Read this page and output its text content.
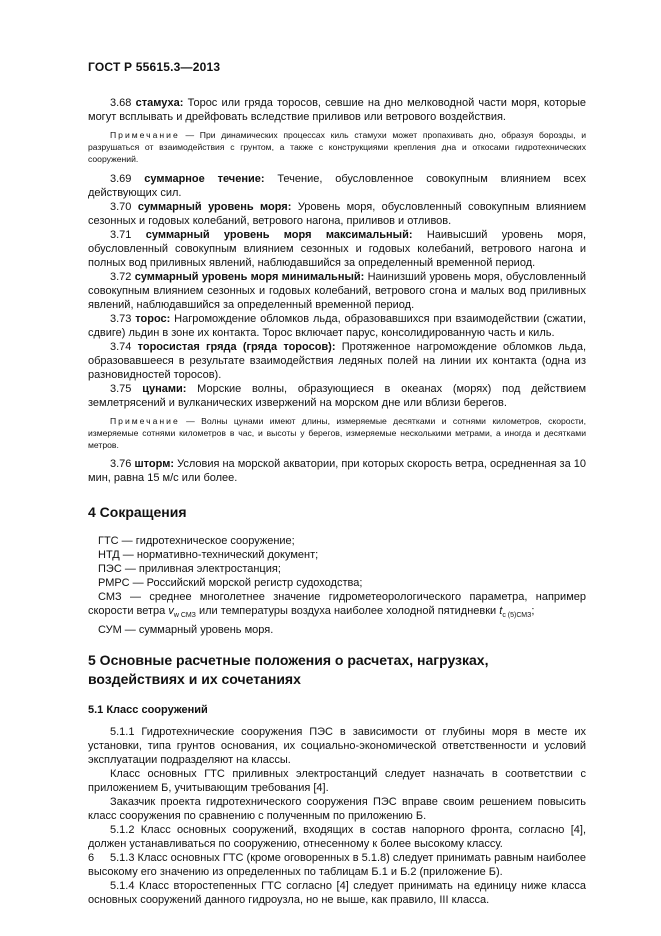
ГОСТ Р 55615.3—2013

3.68 стамуха: Торос или гряда торосов, севшие на дно мелководной части моря, которые могут всплывать и дрейфовать вследствие приливов или ветрового воздействия.

Примечание — При динамических процессах киль стамухи может пропахивать дно, образуя борозды, и разрушаться от взаимодействия с грунтом, а также с конструкциями крепления дна и откосами гидротехнических сооружений.

3.69 суммарное течение: Течение, обусловленное совокупным влиянием всех действующих сил.

3.70 суммарный уровень моря: Уровень моря, обусловленный совокупным влиянием сезонных и годовых колебаний, ветрового нагона, приливов и отливов.

3.71 суммарный уровень моря максимальный: Наивысший уровень моря, обусловленный совокупным влиянием сезонных и годовых колебаний, ветрового нагона и полных вод приливных явлений, наблюдавшийся за определенный временной период.

3.72 суммарный уровень моря минимальный: Наинизший уровень моря, обусловленный совокупным влиянием сезонных и годовых колебаний, ветрового сгона и малых вод приливных явлений, наблюдавшийся за определенный временной период.

3.73 торос: Нагромождение обломков льда, образовавшихся при взаимодействии (сжатии, сдвиге) льдин в зоне их контакта. Торос включает парус, консолидированную часть и киль.

3.74 торосистая гряда (гряда торосов): Протяженное нагромождение обломков льда, образовавшееся в результате взаимодействия ледяных полей на линии их контакта (одна из разновидностей торосов).

3.75 цунами: Морские волны, образующиеся в океанах (морях) под действием землетрясений и вулканических извержений на морском дне или вблизи берегов.

Примечание — Волны цунами имеют длины, измеряемые десятками и сотнями километров, скорости, измеряемые сотнями километров в час, и высоты у берегов, измеряемые несколькими метрами, а иногда и десятками метров.

3.76 шторм: Условия на морской акватории, при которых скорость ветра, осредненная за 10 мин, равна 15 м/с или более.

4 Сокращения

ГТС — гидротехническое сооружение;

НТД — нормативно-технический документ;

ПЭС — приливная электростанция;

РМРС — Российский морской регистр судоходства;

СМЗ — среднее многолетнее значение гидрометеорологического параметра, например скорости ветра $v_{w СМЗ}$ или температуры воздуха наиболее холодной пятидневки $t_{c (5)СМЗ}$;

СУМ — суммарный уровень моря.

5 Основные расчетные положения о расчетах, нагрузках, воздействиях и их сочетаниях
5.1 Класс сооружений

5.1.1 Гидротехнические сооружения ПЭС в зависимости от глубины моря в месте их установки, типа грунтов основания, их социально-экономической ответственности и условий эксплуатации подразделяют на классы.

Класс основных ГТС приливных электростанций следует назначать в соответствии с приложением Б, учитывающим требования [4].

Заказчик проекта гидротехнического сооружения ПЭС вправе своим решением повысить класс сооружения по сравнению с полученным по приложению Б.

5.1.2 Класс основных сооружений, входящих в состав напорного фронта, согласно [4], должен устанавливаться по сооружению, отнесенному к более высокому классу.

5.1.3 Класс основных ГТС (кроме оговоренных в 5.1.8) следует принимать равным наиболее высокому его значению из определенных по таблицам Б.1 и Б.2 (приложение Б).

5.1.4 Класс второстепенных ГТС согласно [4] следует принимать на единицу ниже класса основных сооружений данного гидроузла, но не выше, как правило, III класса.

6
